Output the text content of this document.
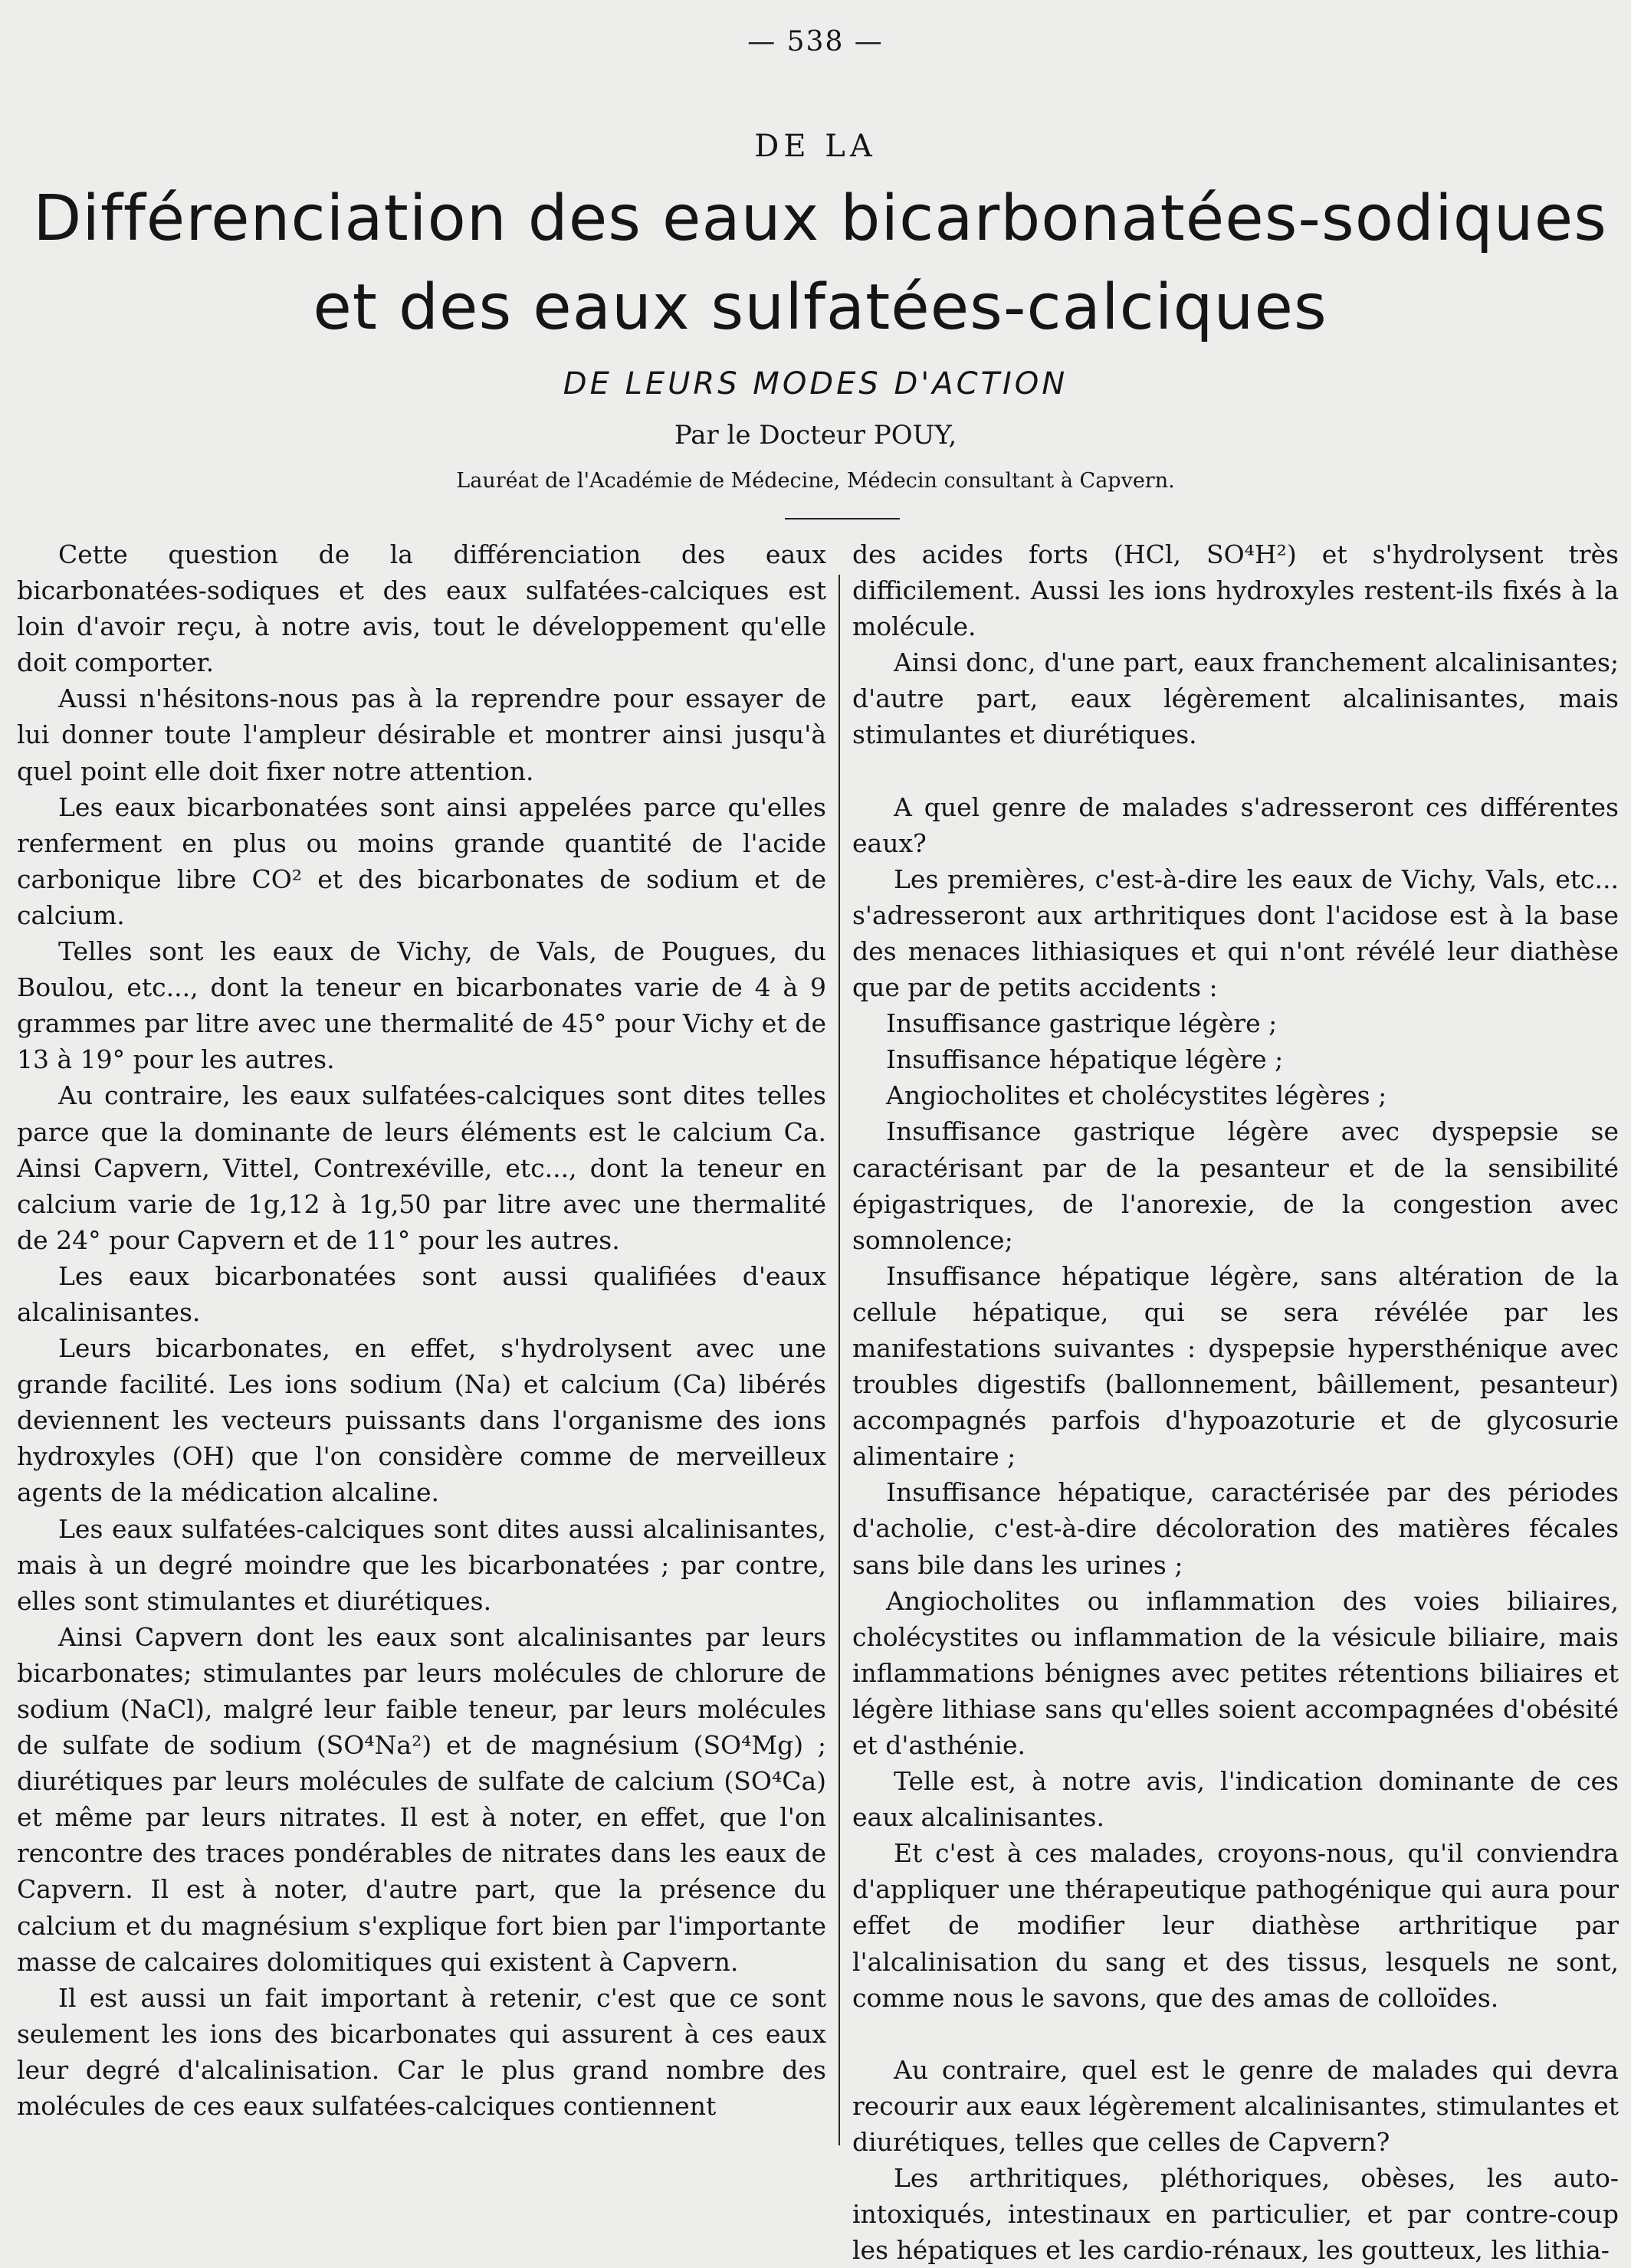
— 538 —
DE LA
Différenciation des eaux bicarbonatées-sodiques
et des eaux sulfatées-calciques
DE LEURS MODES D'ACTION
Par le Docteur POUY,
Lauréat de l'Académie de Médecine, Médecin consultant à Capvern.

Cette question de la différenciation des eaux bicarbonatées-sodiques et des eaux sulfatées-calciques est loin d'avoir reçu, à notre avis, tout le développement qu'elle doit comporter.

Aussi n'hésitons-nous pas à la reprendre pour essayer de lui donner toute l'ampleur désirable et montrer ainsi jusqu'à quel point elle doit fixer notre attention.

Les eaux bicarbonatées sont ainsi appelées parce qu'elles renferment en plus ou moins grande quantité de l'acide carbonique libre CO² et des bicarbonates de sodium et de calcium.

Telles sont les eaux de Vichy, de Vals, de Pougues, du Boulou, etc..., dont la teneur en bicarbonates varie de 4 à 9 grammes par litre avec une thermalité de 45° pour Vichy et de 13 à 19° pour les autres.

Au contraire, les eaux sulfatées-calciques sont dites telles parce que la dominante de leurs éléments est le calcium Ca. Ainsi Capvern, Vittel, Contrexéville, etc..., dont la teneur en calcium varie de 1g,12 à 1g,50 par litre avec une thermalité de 24° pour Capvern et de 11° pour les autres.

Les eaux bicarbonatées sont aussi qualifiées d'eaux alcalinisantes.

Leurs bicarbonates, en effet, s'hydrolysent avec une grande facilité. Les ions sodium (Na) et calcium (Ca) libérés deviennent les vecteurs puissants dans l'organisme des ions hydroxyles (OH) que l'on considère comme de merveilleux agents de la médication alcaline.

Les eaux sulfatées-calciques sont dites aussi alcalinisantes, mais à un degré moindre que les bicarbonatées ; par contre, elles sont stimulantes et diurétiques.

Ainsi Capvern dont les eaux sont alcalinisantes par leurs bicarbonates; stimulantes par leurs molécules de chlorure de sodium (NaCl), malgré leur faible teneur, par leurs molécules de sulfate de sodium (SO⁴Na²) et de magnésium (SO⁴Mg) ; diurétiques par leurs molécules de sulfate de calcium (SO⁴Ca) et même par leurs nitrates. Il est à noter, en effet, que l'on rencontre des traces pondérables de nitrates dans les eaux de Capvern. Il est à noter, d'autre part, que la présence du calcium et du magnésium s'explique fort bien par l'importante masse de calcaires dolomitiques qui existent à Capvern.

Il est aussi un fait important à retenir, c'est que ce sont seulement les ions des bicarbonates qui assurent à ces eaux leur degré d'alcalinisation. Car le plus grand nombre des molécules de ces eaux sulfatées-calciques contiennent

des acides forts (HCl, SO⁴H²) et s'hydrolysent très difficilement. Aussi les ions hydroxyles restent-ils fixés à la molécule.

Ainsi donc, d'une part, eaux franchement alcalinisantes; d'autre part, eaux légèrement alcalinisantes, mais stimulantes et diurétiques.

A quel genre de malades s'adresseront ces différentes eaux?

Les premières, c'est-à-dire les eaux de Vichy, Vals, etc... s'adresseront aux arthritiques dont l'acidose est à la base des menaces lithiasiques et qui n'ont révélé leur diathèse que par de petits accidents :

Insuffisance gastrique légère ;

Insuffisance hépatique légère ;

Angiocholites et cholécystites légères ;

Insuffisance gastrique légère avec dyspepsie se caractérisant par de la pesanteur et de la sensibilité épigastriques, de l'anorexie, de la congestion avec somnolence;

Insuffisance hépatique légère, sans altération de la cellule hépatique, qui se sera révélée par les manifestations suivantes : dyspepsie hypersthénique avec troubles digestifs (ballonnement, bâillement, pesanteur) accompagnés parfois d'hypoazoturie et de glycosurie alimentaire ;

Insuffisance hépatique, caractérisée par des périodes d'acholie, c'est-à-dire décoloration des matières fécales sans bile dans les urines ;

Angiocholites ou inflammation des voies biliaires, cholécystites ou inflammation de la vésicule biliaire, mais inflammations bénignes avec petites rétentions biliaires et légère lithiase sans qu'elles soient accompagnées d'obésité et d'asthénie.

Telle est, à notre avis, l'indication dominante de ces eaux alcalinisantes.

Et c'est à ces malades, croyons-nous, qu'il conviendra d'appliquer une thérapeutique pathogénique qui aura pour effet de modifier leur diathèse arthritique par l'alcalinisation du sang et des tissus, lesquels ne sont, comme nous le savons, que des amas de colloïdes.

Au contraire, quel est le genre de malades qui devra recourir aux eaux légèrement alcalinisantes, stimulantes et diurétiques, telles que celles de Capvern?

Les arthritiques, pléthoriques, obèses, les auto-intoxiqués, intestinaux en particulier, et par contre-coup les hépatiques et les cardio-rénaux, les goutteux, les lithia-
